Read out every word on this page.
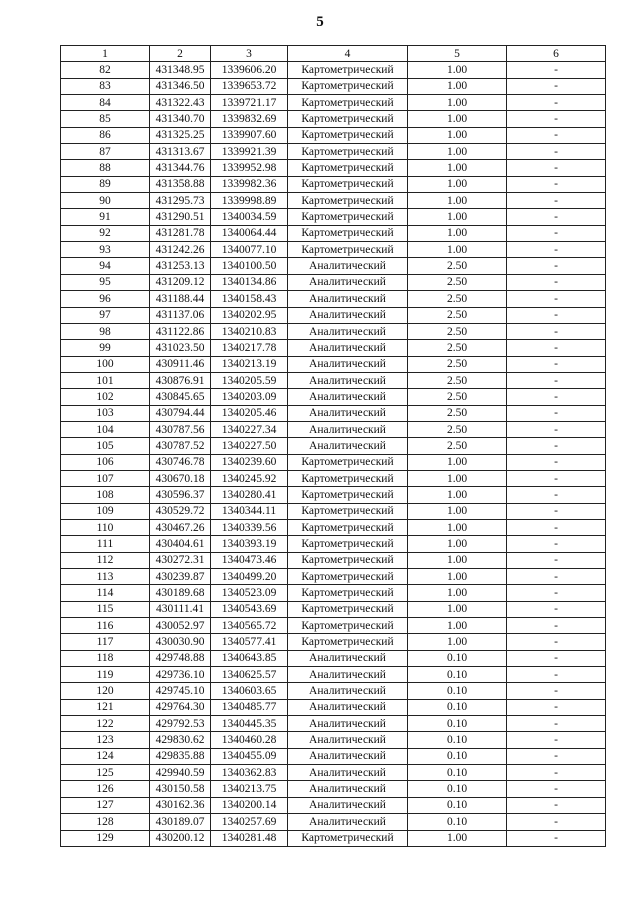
5
1	2	3	4	5	6
82	431348.95	1339606.20	Картометрический	1.00	-
83	431346.50	1339653.72	Картометрический	1.00	-
84	431322.43	1339721.17	Картометрический	1.00	-
85	431340.70	1339832.69	Картометрический	1.00	-
86	431325.25	1339907.60	Картометрический	1.00	-
87	431313.67	1339921.39	Картометрический	1.00	-
88	431344.76	1339952.98	Картометрический	1.00	-
89	431358.88	1339982.36	Картометрический	1.00	-
90	431295.73	1339998.89	Картометрический	1.00	-
91	431290.51	1340034.59	Картометрический	1.00	-
92	431281.78	1340064.44	Картометрический	1.00	-
93	431242.26	1340077.10	Картометрический	1.00	-
94	431253.13	1340100.50	Аналитический	2.50	-
95	431209.12	1340134.86	Аналитический	2.50	-
96	431188.44	1340158.43	Аналитический	2.50	-
97	431137.06	1340202.95	Аналитический	2.50	-
98	431122.86	1340210.83	Аналитический	2.50	-
99	431023.50	1340217.78	Аналитический	2.50	-
100	430911.46	1340213.19	Аналитический	2.50	-
101	430876.91	1340205.59	Аналитический	2.50	-
102	430845.65	1340203.09	Аналитический	2.50	-
103	430794.44	1340205.46	Аналитический	2.50	-
104	430787.56	1340227.34	Аналитический	2.50	-
105	430787.52	1340227.50	Аналитический	2.50	-
106	430746.78	1340239.60	Картометрический	1.00	-
107	430670.18	1340245.92	Картометрический	1.00	-
108	430596.37	1340280.41	Картометрический	1.00	-
109	430529.72	1340344.11	Картометрический	1.00	-
110	430467.26	1340339.56	Картометрический	1.00	-
111	430404.61	1340393.19	Картометрический	1.00	-
112	430272.31	1340473.46	Картометрический	1.00	-
113	430239.87	1340499.20	Картометрический	1.00	-
114	430189.68	1340523.09	Картометрический	1.00	-
115	430111.41	1340543.69	Картометрический	1.00	-
116	430052.97	1340565.72	Картометрический	1.00	-
117	430030.90	1340577.41	Картометрический	1.00	-
118	429748.88	1340643.85	Аналитический	0.10	-
119	429736.10	1340625.57	Аналитический	0.10	-
120	429745.10	1340603.65	Аналитический	0.10	-
121	429764.30	1340485.77	Аналитический	0.10	-
122	429792.53	1340445.35	Аналитический	0.10	-
123	429830.62	1340460.28	Аналитический	0.10	-
124	429835.88	1340455.09	Аналитический	0.10	-
125	429940.59	1340362.83	Аналитический	0.10	-
126	430150.58	1340213.75	Аналитический	0.10	-
127	430162.36	1340200.14	Аналитический	0.10	-
128	430189.07	1340257.69	Аналитический	0.10	-
129	430200.12	1340281.48	Картометрический	1.00	-
